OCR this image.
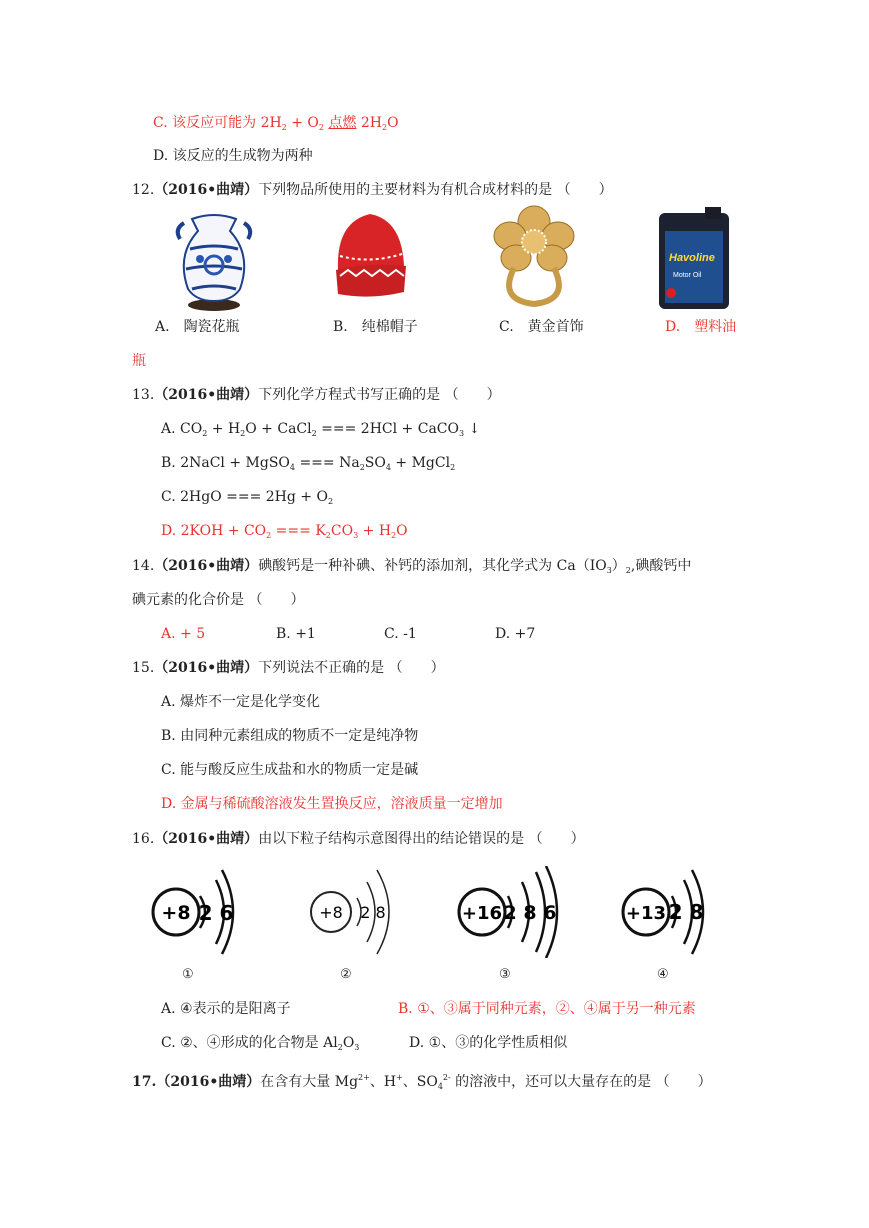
C. 该反应可能为 $2H_2 + O_2$ 点燃 $2H_2O$
D. 该反应的生成物为两种
12.（2016•曲靖）下列物品所使用的主要材料为有机合成材料的是 （　　）
Havoline
Motor Oil
A.　 陶瓷花瓶	B.　 纯棉帽子	C.　 黄金首饰	D.　 塑料油
瓶
13.（2016•曲靖）下列化学方程式书写正确的是 （　　）
A. $CO_2 + H_2O$ + CaCl$_2$ === 2HCl + CaCO$_3$ ↓
B. 2NaCl + MgSO$_4$ === $Na_2SO_4$ + MgCl$_2$
C. 2HgO === $2Hg + O_2$
D. $2KOH + CO_2$ === $K_2CO_3 + H_2O$
14.（2016•曲靖）碘酸钙是一种补碘、补钙的添加剂，其化学式为 $Ca(IO_3)_2$,碘酸钙中
碘元素的化合价是 （　　）
A. + 5	B. +1	C. -1	D. +7
15.（2016•曲靖）下列说法不正确的是 （　　）
A. 爆炸不一定是化学变化
B. 由同种元素组成的物质不一定是纯净物
C. 能与酸反应生成盐和水的物质一定是碱
D. 金属与稀硫酸溶液发生置换反应，溶液质量一定增加
16.（2016•曲靖）由以下粒子结构示意图得出的结论错误的是 （　　）
+8 2 6	+8 2 8	+16 2 8 6	+13 2 8
①	②	③	④
A. ④表示的是阳离子	B. ①、③属于同种元素，②、④属于另一种元素
C. ②、④形成的化合物是 $Al_2O_3$	D. ①、③的化学性质相似
17.（2016•曲靖）在含有大量 $Mg^{2+}$、H+、$SO_4^{2-}$ 的溶液中，还可以大量存在的是 （　　）
